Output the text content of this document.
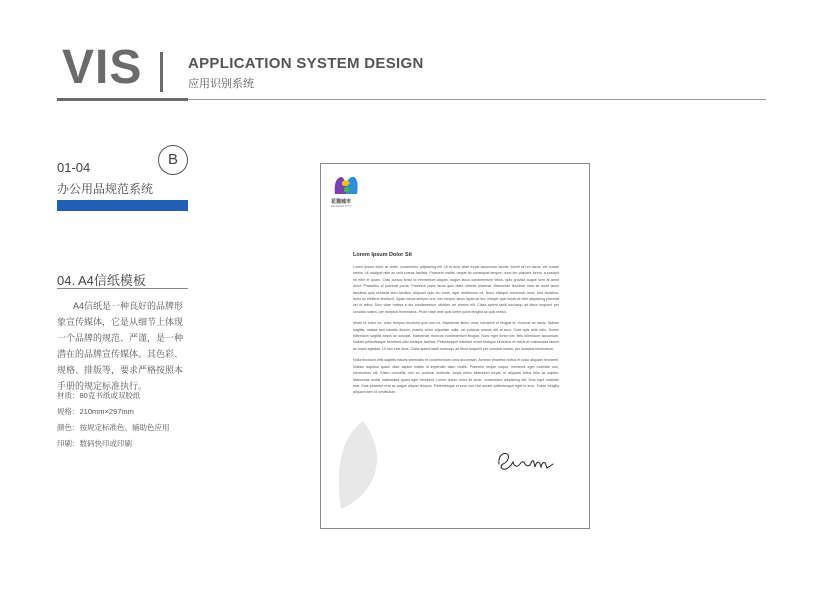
VIS	APPLICATION SYSTEM DESIGN
应用识别系统
01-04
办公用品规范系统
B
04. A4信纸模板
A4信纸是一种良好的品牌形象宣传媒体，它是从细节上体现一个品牌的规范、严谨，是一种潜在的品牌宣传媒体。其色彩、规格、排版等，要求严格按照本手册的规定标准执行。
材质：80克书纸或双胶纸
规格：210mm×297mm
颜色：按规定标准色、辅助色应用
印刷：数码快印或印刷
花猫城市
HUAMAO CITY
Lorem Ipsum Dolor Sit

Lorem ipsum dolor sit amet, consectetur adipiscing elit. Ut et arcu vitae turpis accumsan iaculis. Morbi vel ex lacus, vel ornare metus. Ut volutpat nibh ac velit cursus facilisis. Praesent mattis, neque ac consequat tempor, nunc leo posuere lorem, a suscipit mi nibh et quam. Cras cursus tortor id elementum aliquet, augue lacus condimentum tellus, quis gravida augue sem at amet dolor. Phasellus id placerat purus. Praesent porta lacus quis diam ultrices placerat. Maecenas tincidunt urna sit amet lacus faucibus quis vehicula arcu facilisis. Aliquam quis leo enim, eget vestibulum mi. Nunc tristique commodo urna. Sed faucibus, dolor ac eleifend tincidunt, ligula metus semper orci, nec tempor lacus ligula ac leo. Integer quis turpis at nibh adipiscing placerat vel ut tellus. Duis vitae massa a dui condimentum ultricies vel viverra elit. Class aptent taciti sociosqu ad litora torquent per conubia nostra, per inceptos himenaeos. Proin vitae ante quis lorem porta fringilla ac quis metus.

Morbi ut tortor ex, dolor tempus tincidunt quis non mi. Maecenas libero urna, hendrerit ut feugiat id, rhoncus ac lacus. Nullam sagittis, massa sed lobortis dictum, mauris tortor vulputate nulla, vel pulvinar mauris elit at arcu. Cras quis ante odio. Donec bibendum sagittis turpis ac suscipit. Maecenas rhoncus condimentum feugiat. Nunc eget tortor nec felis bibendum accumsan. Nullam pellentesque hendrerit odio tristique facilisis. Pellentesque habitant morbi tristique senectus et netus et malesuada fames ac turpis egestas. Ut non erat risus. Class aptent taciti sociosqu ad litora torquent per conubia nostra, per inceptos himenaeos.

Nulla tincidunt velit sagittis mauris venenatis et condimentum urna accumsan. Aenean pharetra metus et iusto aliquam hendrerit. Nullam dapibus quam vitae sapien mattis id imperdiet diam mollis. Praesent neque neque, hendrerit eget molestie non, elementum elit. Etiam convallis, nisl eu pulvinar molestie, turpis tellus bibendum turpis, ut aliquam tellus felis ac sapien. Maecenas mollis malesuada quam eget hendrerit. Lorem ipsum dolor sit amet, consectetur adipiscing elit. Duis eget molestie erat. Duis pharetra erat ac augue aliquet tempus. Pellentesque et eros non nisi ornare pellentesque eget in arcu. Fusce fringilla aliquam sem id vestibulum.
